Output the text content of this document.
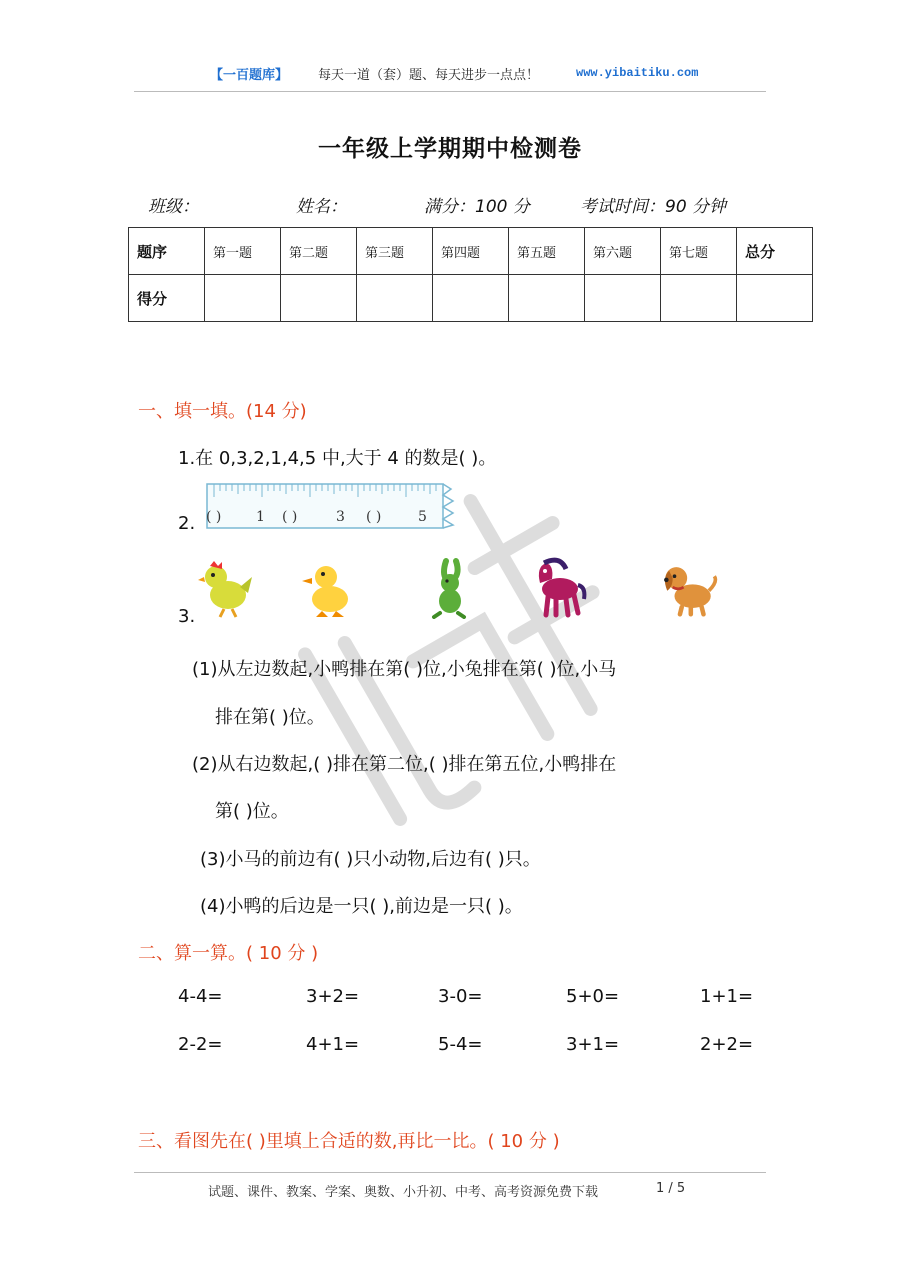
【一百题库】 每天一道（套）题、每天进步一点点！	www.yibaitiku.com
一年级上学期期中检测卷
班级：	姓名：	满分：100 分	考试时间：90 分钟
题序	第一题	第二题	第三题	第四题	第五题	第六题	第七题	总分
得分								
一、填一填。(14 分)
1.在 0,3,2,1,4,5 中,大于 4 的数是( )。
2. ( ) 1 ( )	3 ( )	5
3.
(1)从左边数起,小鸭排在第( )位,小兔排在第( )位,小马
排在第( )位。
(2)从右边数起,( )排在第二位,( )排在第五位,小鸭排在
第( )位。
(3)小马的前边有( )只小动物,后边有( )只。
(4)小鸭的后边是一只( ),前边是一只( )。
二、算一算。( 10 分 )
4-4=	3+2=	3-0=	5+0=	1+1=
2-2=	4+1=	5-4=	3+1=	2+2=
三、看图先在( )里填上合适的数,再比一比。( 10 分 )
试题、课件、教案、学案、奥数、小升初、中考、高考资源免费下载	1 / 5
